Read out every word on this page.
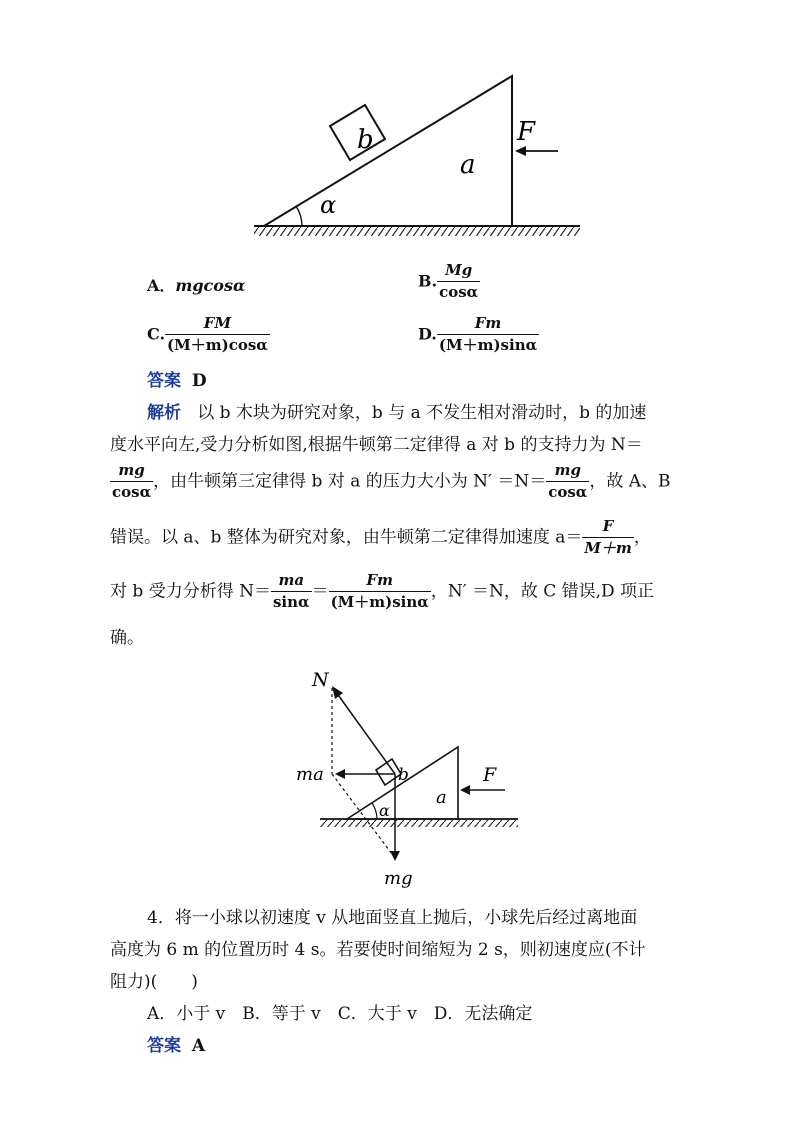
b
a
F
α
A．mgcosα	B. $\frac{Mg}{\cos\alpha}$
C. $\frac{FM}{(M+m)\cos\alpha}$	D. $\frac{Fm}{(M+m)\sin\alpha}$
答案 D
解析 以 b 木块为研究对象，b 与 a 不发生相对滑动时，b 的加速
度水平向左,受力分析如图,根据牛顿第二定律得 a 对 b 的支持力为 N＝
$\frac{mg}{\cos\alpha}$ ，由牛顿第三定律得 b 对 a 的压力大小为 $N' =N= \frac{mg}{\cos\alpha}$ ，故 A、B
错误。以 a、b 整体为研究对象，由牛顿第二定律得加速度 $a= \frac{F}{M+m}$ ，
对 b 受力分析得 $N= \frac{ma}{\sin\alpha} = \frac{Fm}{(M+m)\sin\alpha}$ ，N′ ＝N，故 C 错误,D 项正
确。
N
ma	b	F
a
α
mg
4．将一小球以初速度 v 从地面竖直上抛后，小球先后经过离地面
高度为 6 m 的位置历时 4 s。若要使时间缩短为 2 s，则初速度应(不计
阻力)(　　)
A．小于 v　B．等于 v　C．大于 v　D．无法确定
答案 A
